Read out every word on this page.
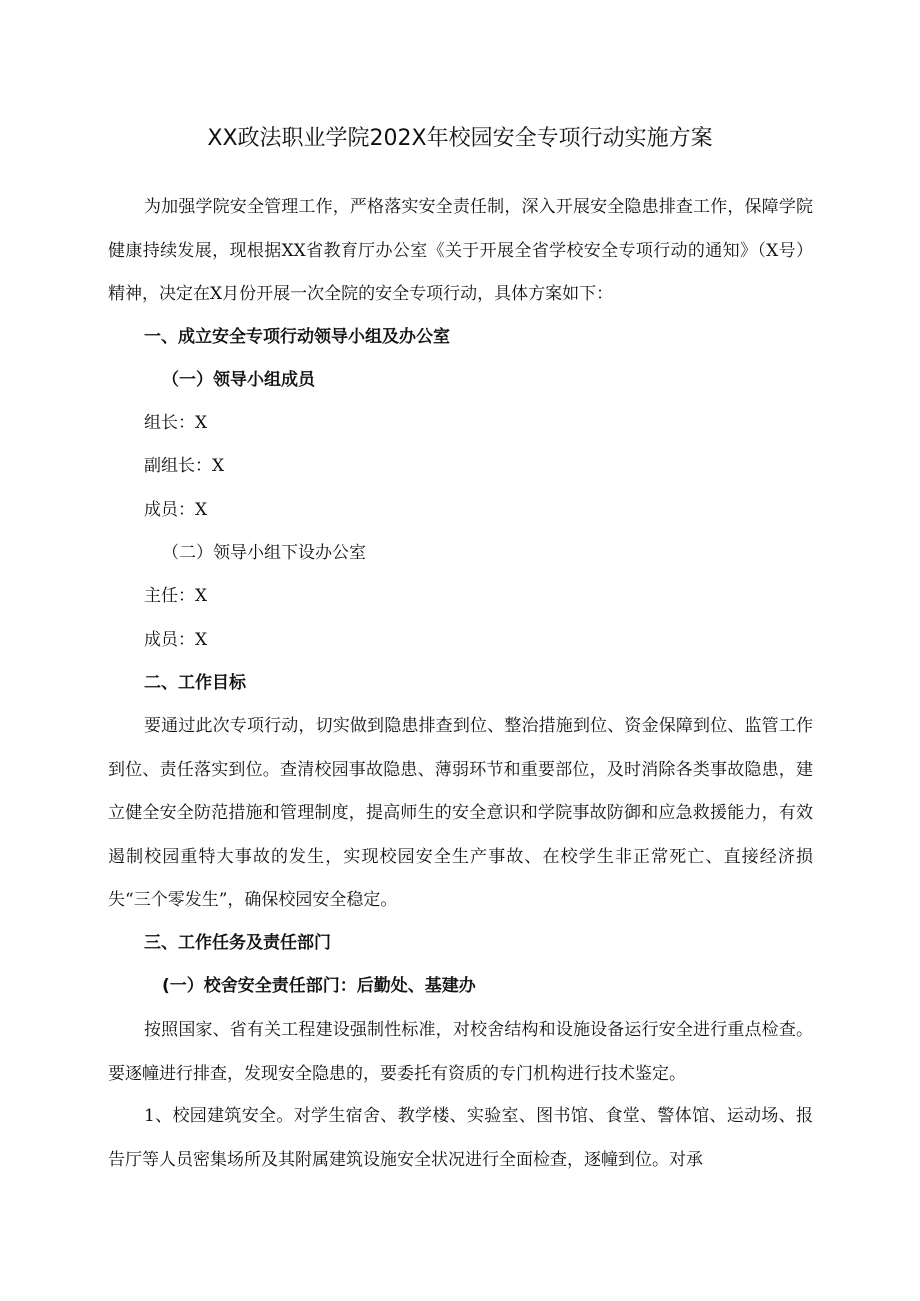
XX政法职业学院202X年校园安全专项行动实施方案

为加强学院安全管理工作，严格落实安全责任制，深入开展安全隐患排查工作，保障学院健康持续发展，现根据XX省教育厅办公室《关于开展全省学校安全专项行动的通知》（X号）精神，决定在X月份开展一次全院的安全专项行动，具体方案如下：

一、成立安全专项行动领导小组及办公室
（一）领导小组成员
组长：X
副组长：X
成员：X
（二）领导小组下设办公室
主任：X
成员：X
二、工作目标

要通过此次专项行动，切实做到隐患排查到位、整治措施到位、资金保障到位、监管工作到位、责任落实到位。查清校园事故隐患、薄弱环节和重要部位，及时消除各类事故隐患，建立健全安全防范措施和管理制度，提高师生的安全意识和学院事故防御和应急救援能力，有效遏制校园重特大事故的发生，实现校园安全生产事故、在校学生非正常死亡、直接经济损失“三个零发生”，确保校园安全稳定。

三、工作任务及责任部门
(一）校舍安全责任部门：后勤处、基建办

按照国家、省有关工程建设强制性标准，对校舍结构和设施设备运行安全进行重点检查。要逐幢进行排查，发现安全隐患的，要委托有资质的专门机构进行技术鉴定。

1、校园建筑安全。对学生宿舍、教学楼、实验室、图书馆、食堂、警体馆、运动场、报告厅等人员密集场所及其附属建筑设施安全状况进行全面检查，逐幢到位。对承
